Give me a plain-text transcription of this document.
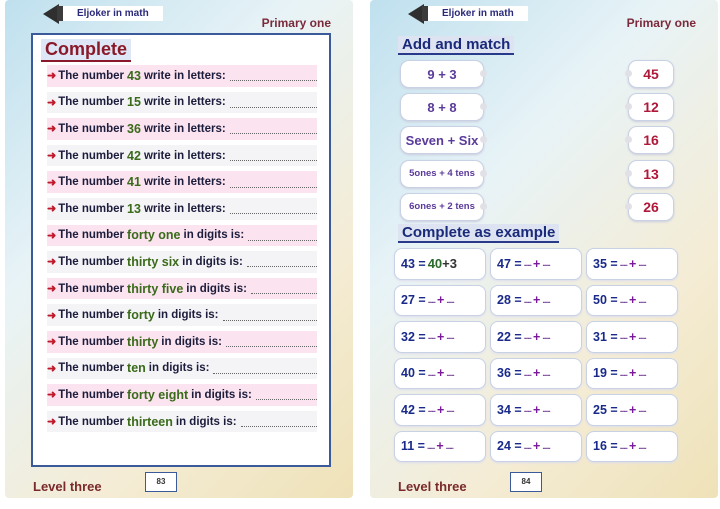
Eljoker in math
Primary one
Complete
➜ The number 43 write in letters:
➜ The number 15 write in letters:
➜ The number 36 write in letters:
➜ The number 42 write in letters:
➜ The number 41 write in letters:
➜ The number 13 write in letters:
➜ The number forty one in digits is:
➜ The number thirty six in digits is:
➜ The number thirty five in digits is:
➜ The number forty in digits is:
➜ The number thirty in digits is:
➜ The number ten in digits is:
➜ The number forty eight in digits is:
➜ The number thirteen in digits is:
Level three	83
Eljoker in math
Primary one
Add and match
9 + 3
8 + 8
Seven + Six
5ones + 4 tens
6ones + 2 tens
45
12
16
13
26
Complete as example
43 = 40 + 3	47 = ...... + ......	35 = ...... + ......
27 = ...... + ......	28 = ...... + ......	50 = ...... + ......
32 = ...... + ......	22 = ...... + ......	31 = ...... + ......
40 = ...... + ......	36 = ...... + ......	19 = ...... + ......
42 = ...... + ......	34 = ...... + ......	25 = ...... + ......
11 = ...... + ......	24 = ...... + ......	16 = ...... + ......
Level three	84
